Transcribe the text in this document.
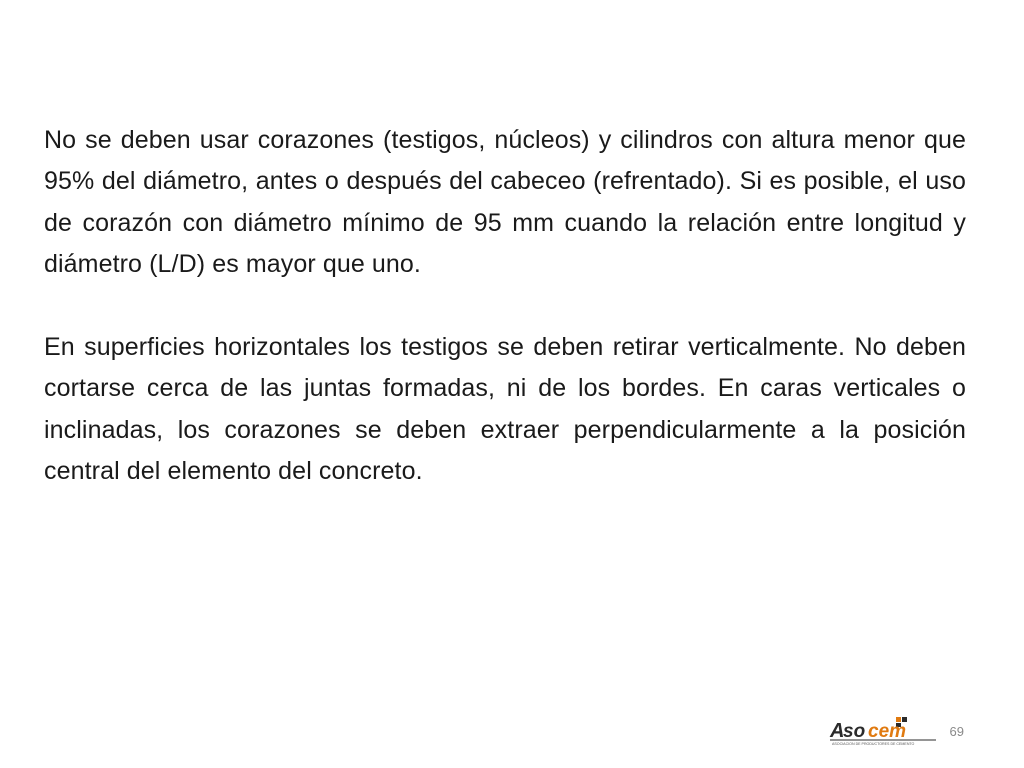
No se deben usar corazones (testigos, núcleos) y cilindros con altura menor que 95% del diámetro, antes o después del cabeceo (refrentado). Si es posible, el uso de corazón con diámetro mínimo de 95 mm cuando la relación entre longitud y diámetro (L/D) es mayor que uno.

En superficies horizontales los testigos se deben retirar verticalmente. No deben cortarse cerca de las juntas formadas, ni de los bordes. En caras verticales o inclinadas, los corazones se deben extraer perpendicularmente a la posición central del elemento del concreto.

A
so cem
ASOCIACION DE PRODUCTORES DE CEMENTO
69
